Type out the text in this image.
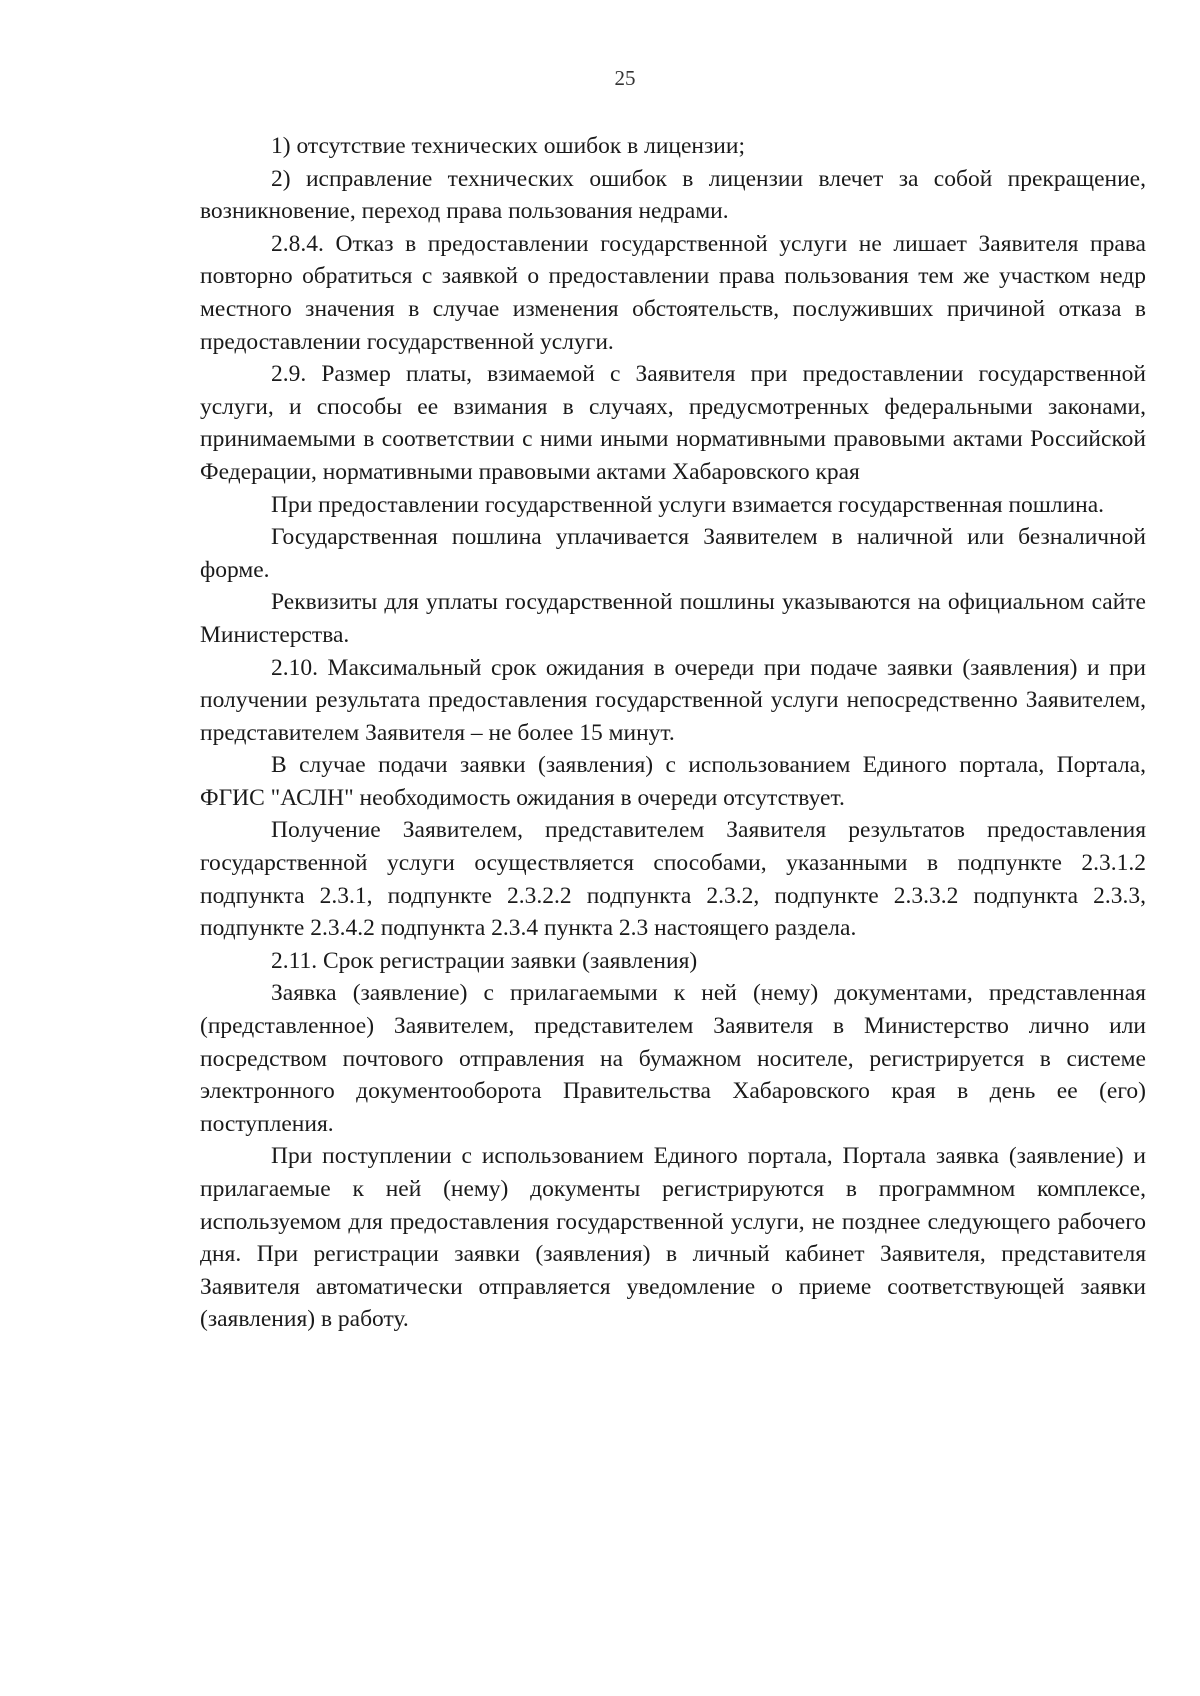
25

1) отсутствие технических ошибок в лицензии;

2) исправление технических ошибок в лицензии влечет за собой прекращение, возникновение, переход права пользования недрами.

2.8.4. Отказ в предоставлении государственной услуги не лишает Заявителя права повторно обратиться с заявкой о предоставлении права пользования тем же участком недр местного значения в случае изменения обстоятельств, послуживших причиной отказа в предоставлении государственной услуги.

2.9. Размер платы, взимаемой с Заявителя при предоставлении государственной услуги, и способы ее взимания в случаях, предусмотренных федеральными законами, принимаемыми в соответствии с ними иными нормативными правовыми актами Российской Федерации, нормативными правовыми актами Хабаровского края

При предоставлении государственной услуги взимается государственная пошлина.

Государственная пошлина уплачивается Заявителем в наличной или безналичной форме.

Реквизиты для уплаты государственной пошлины указываются на официальном сайте Министерства.

2.10. Максимальный срок ожидания в очереди при подаче заявки (заявления) и при получении результата предоставления государственной услуги непосредственно Заявителем, представителем Заявителя – не более 15 минут.

В случае подачи заявки (заявления) с использованием Единого портала, Портала, ФГИС "АСЛН" необходимость ожидания в очереди отсутствует.

Получение Заявителем, представителем Заявителя результатов предоставления государственной услуги осуществляется способами, указанными в подпункте 2.3.1.2 подпункта 2.3.1, подпункте 2.3.2.2 подпункта 2.3.2, подпункте 2.3.3.2 подпункта 2.3.3, подпункте 2.3.4.2 подпункта 2.3.4 пункта 2.3 настоящего раздела.

2.11. Срок регистрации заявки (заявления)

Заявка (заявление) с прилагаемыми к ней (нему) документами, представленная (представленное) Заявителем, представителем Заявителя в Министерство лично или посредством почтового отправления на бумажном носителе, регистрируется в системе электронного документооборота Правительства Хабаровского края в день ее (его) поступления.

При поступлении с использованием Единого портала, Портала заявка (заявление) и прилагаемые к ней (нему) документы регистрируются в программном комплексе, используемом для предоставления государственной услуги, не позднее следующего рабочего дня. При регистрации заявки (заявления) в личный кабинет Заявителя, представителя Заявителя автоматически отправляется уведомление о приеме соответствующей заявки (заявления) в работу.
